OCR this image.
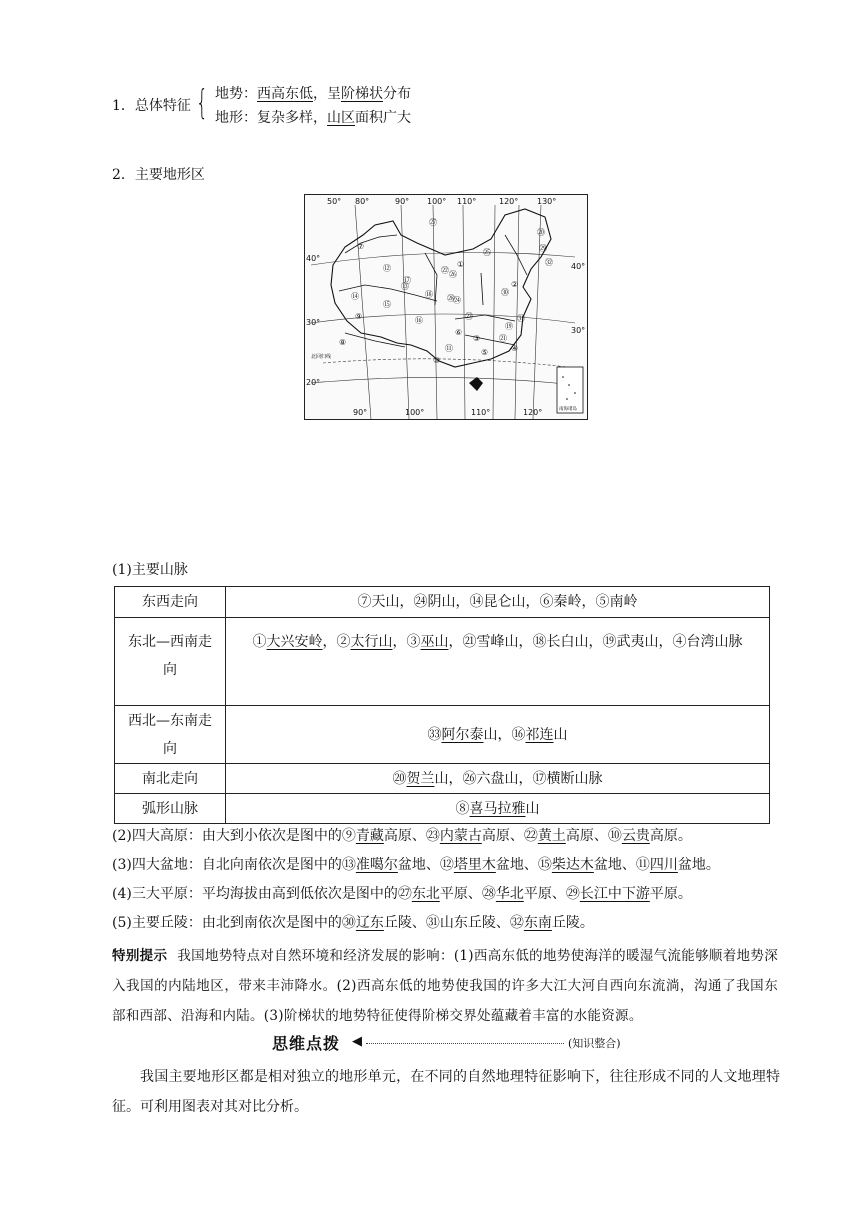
1．总体特征 { 地势：西高东低，呈阶梯状分布
地形：复杂多样，山区面积广大
2．主要地形区
50° 80°	90° 100° 110°	120° 130°
90°	100°	110°	120°
40°
30°
20°
40°
30°
南海诸岛
北回归线
⑦
⑫
⑭
⑨
⑧
①
③
⑤
⑥
⑩
⑪
⑬
⑮
⑯
⑰
⑱
⑲
⑳
㉑
㉒
㉓
㉔
㉕
㉖
㉗
㉘
㉙
㉚
㉛
㉜
②
④
(1)主要山脉
东西走向	⑦天山，㉔阴山，⑭昆仑山，⑥秦岭，⑤南岭
东北—西南走向	①大兴安岭，②太行山，③巫山，㉑雪峰山，⑱长白山，⑲武夷山，④台湾山脉
西北—东南走向	㉝阿尔泰山，⑯祁连山
南北走向	⑳贺兰山，㉖六盘山，⑰横断山脉
弧形山脉	⑧喜马拉雅山
(2)四大高原：由大到小依次是图中的⑨青藏高原、㉓内蒙古高原、㉒黄土高原、⑩云贵高原。
(3)四大盆地：自北向南依次是图中的⑬准噶尔盆地、⑫塔里木盆地、⑮柴达木盆地、⑪四川盆地。
(4)三大平原：平均海拔由高到低依次是图中的㉗东北平原、㉘华北平原、㉙长江中下游平原。
(5)主要丘陵：由北到南依次是图中的㉚辽东丘陵、㉛山东丘陵、㉜东南丘陵。
特别提示 我国地势特点对自然环境和经济发展的影响：(1)西高东低的地势使海洋的暖湿气流能够顺着地势深入我国的内陆地区，带来丰沛降水。(2)西高东低的地势使我国的许多大江大河自西向东流淌，沟通了我国东部和西部、沿海和内陆。(3)阶梯状的地势特征使得阶梯交界处蕴藏着丰富的水能资源。
思维点拨 ◀	(知识整合)
我国主要地形区都是相对独立的地形单元，在不同的自然地理特征影响下，往往形成不同的人文地理特征。可利用图表对其对比分析。
